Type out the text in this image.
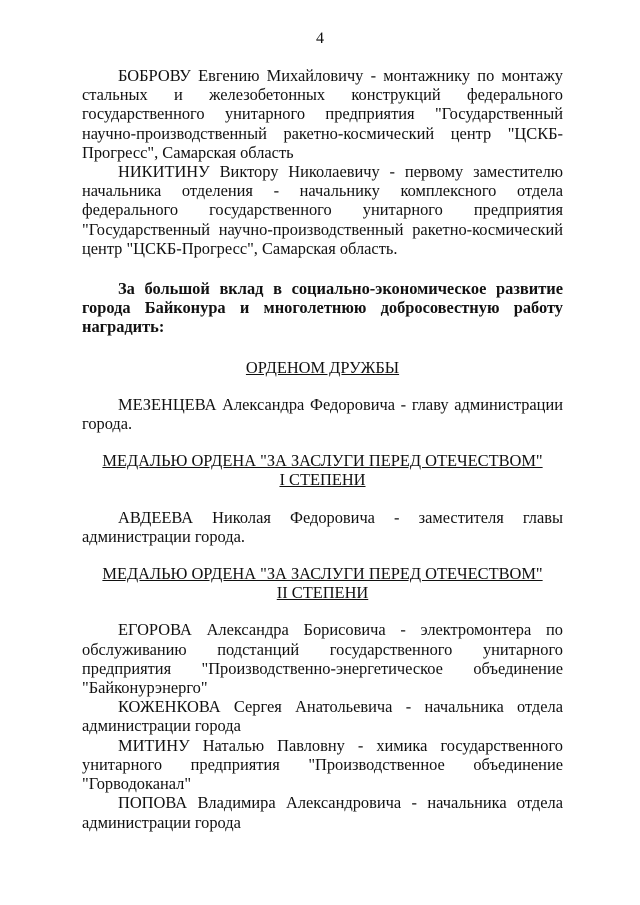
4

БОБРОВУ Евгению Михайловичу - монтажнику по монтажу стальных и железобетонных конструкций федерального государственного унитарного предприятия "Государственный научно-производственный ракетно-космический центр "ЦСКБ-Прогресс", Самарская область

НИКИТИНУ Виктору Николаевичу - первому заместителю начальника отделения - начальнику комплексного отдела федерального государственного унитарного предприятия "Государственный научно-производственный ракетно-космический центр "ЦСКБ-Прогресс", Самарская область.

За большой вклад в социально-экономическое развитие города Байконура и многолетнюю добросовестную работу наградить:

ОРДЕНОМ ДРУЖБЫ

МЕЗЕНЦЕВА Александра Федоровича - главу администрации города.

МЕДАЛЬЮ ОРДЕНА "ЗА ЗАСЛУГИ ПЕРЕД ОТЕЧЕСТВОМ"

I СТЕПЕНИ

АВДЕЕВА Николая Федоровича - заместителя главы администрации города.

МЕДАЛЬЮ ОРДЕНА "ЗА ЗАСЛУГИ ПЕРЕД ОТЕЧЕСТВОМ"

II СТЕПЕНИ

ЕГОРОВА Александра Борисовича - электромонтера по обслуживанию подстанций государственного унитарного предприятия "Производственно-энергетическое объединение "Байконурэнерго"

КОЖЕНКОВА Сергея Анатольевича - начальника отдела администрации города

МИТИНУ Наталью Павловну - химика государственного унитарного предприятия "Производственное объединение "Горводоканал"

ПОПОВА Владимира Александровича - начальника отдела администрации города
